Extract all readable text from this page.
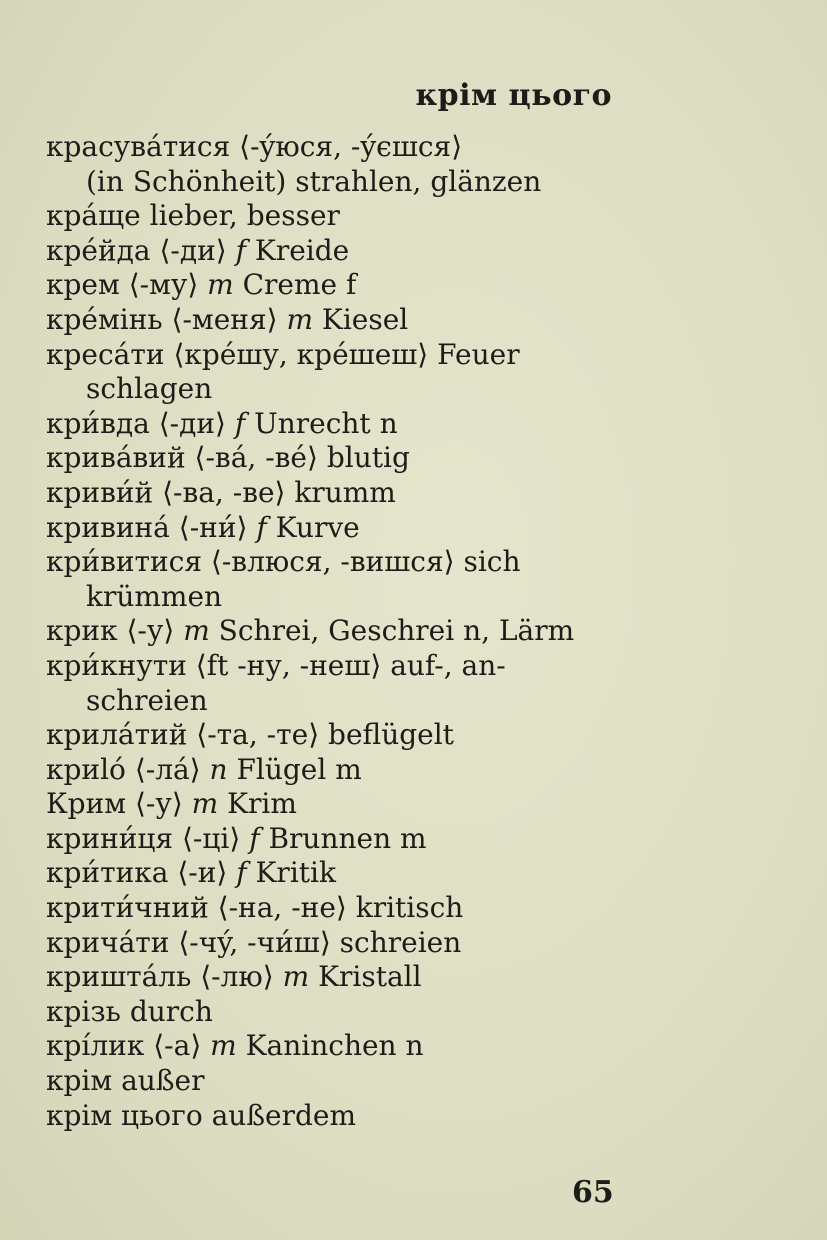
крім цього
красувáтися ⟨-ýюся, -ýєшся⟩
(in Schönheit) strahlen, glänzen
крáще lieber, besser
кре́йда ⟨-ди⟩ f Kreide
крем ⟨-му⟩ m Creme f
кре́мінь ⟨-меня⟩ m Kiesel
кресáти ⟨кре́шу, кре́шеш⟩ Feuer
schlagen
кри́вда ⟨-ди⟩ f Unrecht n
кривáвий ⟨-вá, -ве́⟩ blutig
криви́й ⟨-ва, -ве⟩ krumm
кривинá ⟨-ни́⟩ f Kurve
кри́витися ⟨-влюся, -вишся⟩ sich
krümmen
крик ⟨-у⟩ m Schrei, Geschrei n, Lärm
кри́кнути ⟨ft -ну, -неш⟩ auf-, an-
schreien
крилáтий ⟨-та, -те⟩ beflügelt
криló ⟨-лá⟩ n Flügel m
Крим ⟨-у⟩ m Krim
крини́ця ⟨-ці⟩ f Brunnen m
кри́тика ⟨-и⟩ f Kritik
крити́чний ⟨-на, -не⟩ kritisch
кричáти ⟨-чý, -чи́ш⟩ schreien
криштáль ⟨-лю⟩ m Kristall
крізь durch
крíлик ⟨-а⟩ m Kaninchen n
крім außer
крім цього außerdem
65
